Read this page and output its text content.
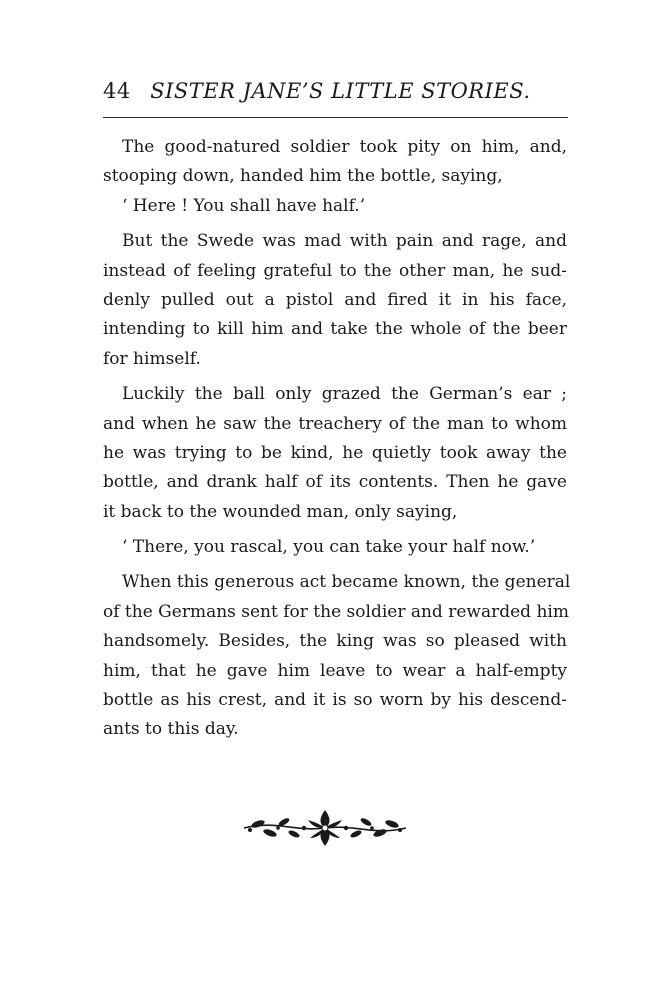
44 SISTER JANE’S LITTLE STORIES.
The good-natured soldier took pity on him, and,
stooping down, handed him the bottle, saying,
‘ Here ! You shall have half.’
But the Swede was mad with pain and rage, and
instead of feeling grateful to the other man, he sud-
denly pulled out a pistol and fired it in his face,
intending to kill him and take the whole of the beer
for himself.
Luckily the ball only grazed the German’s ear ;
and when he saw the treachery of the man to whom
he was trying to be kind, he quietly took away the
bottle, and drank half of its contents. Then he gave
it back to the wounded man, only saying,
‘ There, you rascal, you can take your half now.’
When this generous act became known, the general
of the Germans sent for the soldier and rewarded him
handsomely. Besides, the king was so pleased with
him, that he gave him leave to wear a half-empty
bottle as his crest, and it is so worn by his descend-
ants to this day.
